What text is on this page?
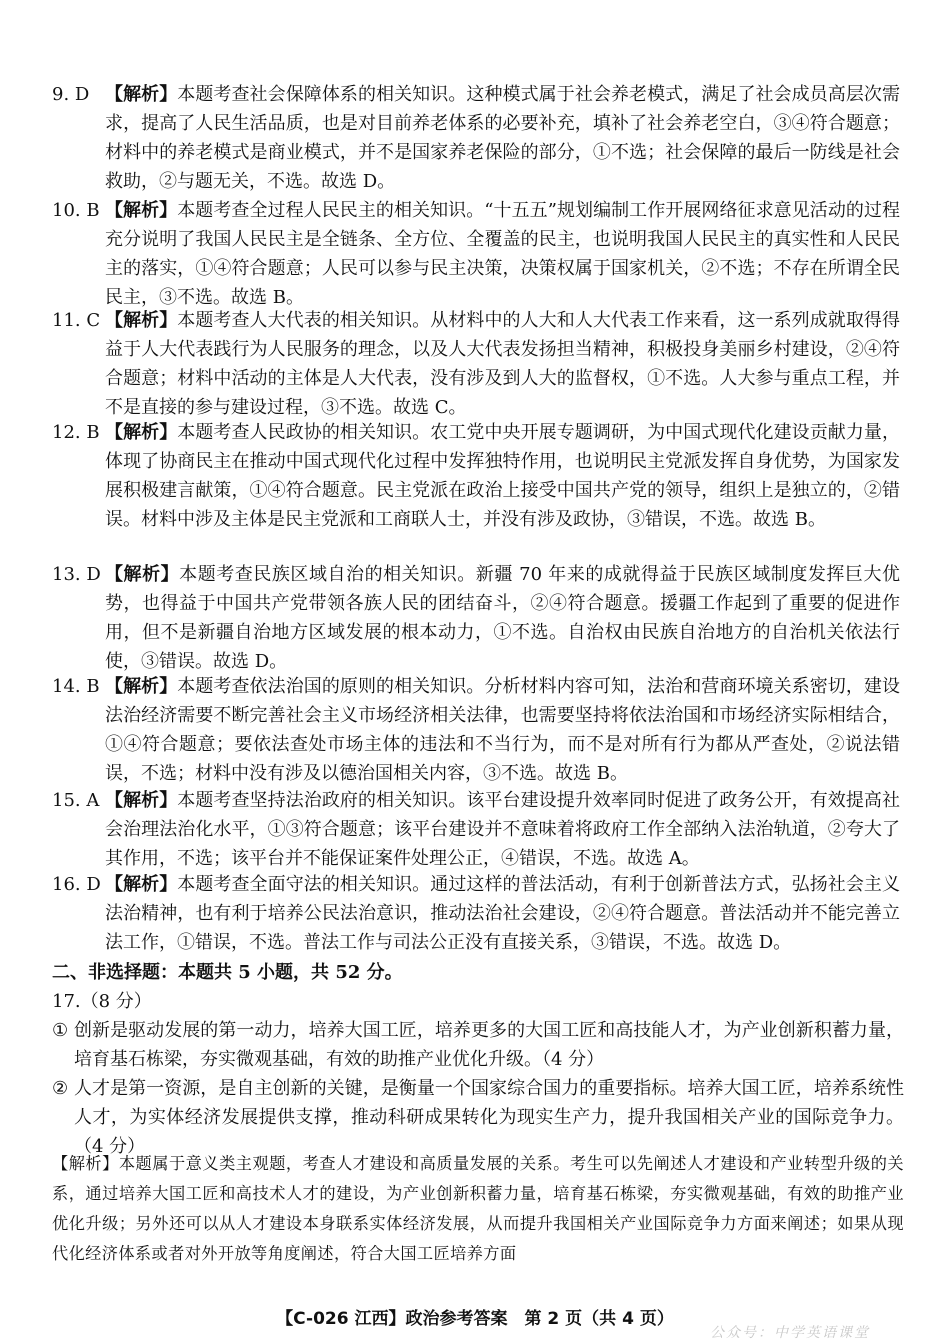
9. D 【解析】本题考查社会保障体系的相关知识。这种模式属于社会养老模式，满足了社会成员高层次需求，提高了人民生活品质，也是对目前养老体系的必要补充，填补了社会养老空白，③④符合题意；材料中的养老模式是商业模式，并不是国家养老保险的部分，①不选；社会保障的最后一防线是社会救助，②与题无关，不选。故选 D。
10. B 【解析】本题考查全过程人民民主的相关知识。“十五五”规划编制工作开展网络征求意见活动的过程充分说明了我国人民民主是全链条、全方位、全覆盖的民主，也说明我国人民民主的真实性和人民民主的落实，①④符合题意；人民可以参与民主决策，决策权属于国家机关，②不选；不存在所谓全民民主，③不选。故选 B。
11. C 【解析】本题考查人大代表的相关知识。从材料中的人大和人大代表工作来看，这一系列成就取得得益于人大代表践行为人民服务的理念，以及人大代表发扬担当精神，积极投身美丽乡村建设，②④符合题意；材料中活动的主体是人大代表，没有涉及到人大的监督权，①不选。人大参与重点工程，并不是直接的参与建设过程，③不选。故选 C。
12. B 【解析】本题考查人民政协的相关知识。农工党中央开展专题调研，为中国式现代化建设贡献力量，体现了协商民主在推动中国式现代化过程中发挥独特作用，也说明民主党派发挥自身优势，为国家发展积极建言献策，①④符合题意。民主党派在政治上接受中国共产党的领导，组织上是独立的，②错误。材料中涉及主体是民主党派和工商联人士，并没有涉及政协，③错误，不选。故选 B。
13. D 【解析】本题考查民族区域自治的相关知识。新疆 70 年来的成就得益于民族区域制度发挥巨大优势，也得益于中国共产党带领各族人民的团结奋斗，②④符合题意。援疆工作起到了重要的促进作用，但不是新疆自治地方区域发展的根本动力，①不选。自治权由民族自治地方的自治机关依法行使，③错误。故选 D。
14. B 【解析】本题考查依法治国的原则的相关知识。分析材料内容可知，法治和营商环境关系密切，建设法治经济需要不断完善社会主义市场经济相关法律，也需要坚持将依法治国和市场经济实际相结合，①④符合题意；要依法查处市场主体的违法和不当行为，而不是对所有行为都从严查处，②说法错误，不选；材料中没有涉及以德治国相关内容，③不选。故选 B。
15. A 【解析】本题考查坚持法治政府的相关知识。该平台建设提升效率同时促进了政务公开，有效提高社会治理法治化水平，①③符合题意；该平台建设并不意味着将政府工作全部纳入法治轨道，②夸大了其作用，不选；该平台并不能保证案件处理公正，④错误，不选。故选 A。
16. D 【解析】本题考查全面守法的相关知识。通过这样的普法活动，有利于创新普法方式，弘扬社会主义法治精神，也有利于培养公民法治意识，推动法治社会建设，②④符合题意。普法活动并不能完善立法工作，①错误，不选。普法工作与司法公正没有直接关系，③错误，不选。故选 D。
二、非选择题：本题共 5 小题，共 52 分。
17.（8 分）
① 创新是驱动发展的第一动力，培养大国工匠，培养更多的大国工匠和高技能人才，为产业创新积蓄力量，培育基石栋梁，夯实微观基础，有效的助推产业优化升级。（4 分）
② 人才是第一资源，是自主创新的关键，是衡量一个国家综合国力的重要指标。培养大国工匠，培养系统性人才，为实体经济发展提供支撑，推动科研成果转化为现实生产力，提升我国相关产业的国际竞争力。（4 分）
【解析】本题属于意义类主观题，考查人才建设和高质量发展的关系。考生可以先阐述人才建设和产业转型升级的关系，通过培养大国工匠和高技术人才的建设，为产业创新积蓄力量，培育基石栋梁，夯实微观基础，有效的助推产业优化升级；另外还可以从人才建设本身联系实体经济发展，从而提升我国相关产业国际竞争力方面来阐述；如果从现代化经济体系或者对外开放等角度阐述，符合大国工匠培养方面
【C-026 江西】政治参考答案　第 2 页（共 4 页）
公众号：中学英语课堂
